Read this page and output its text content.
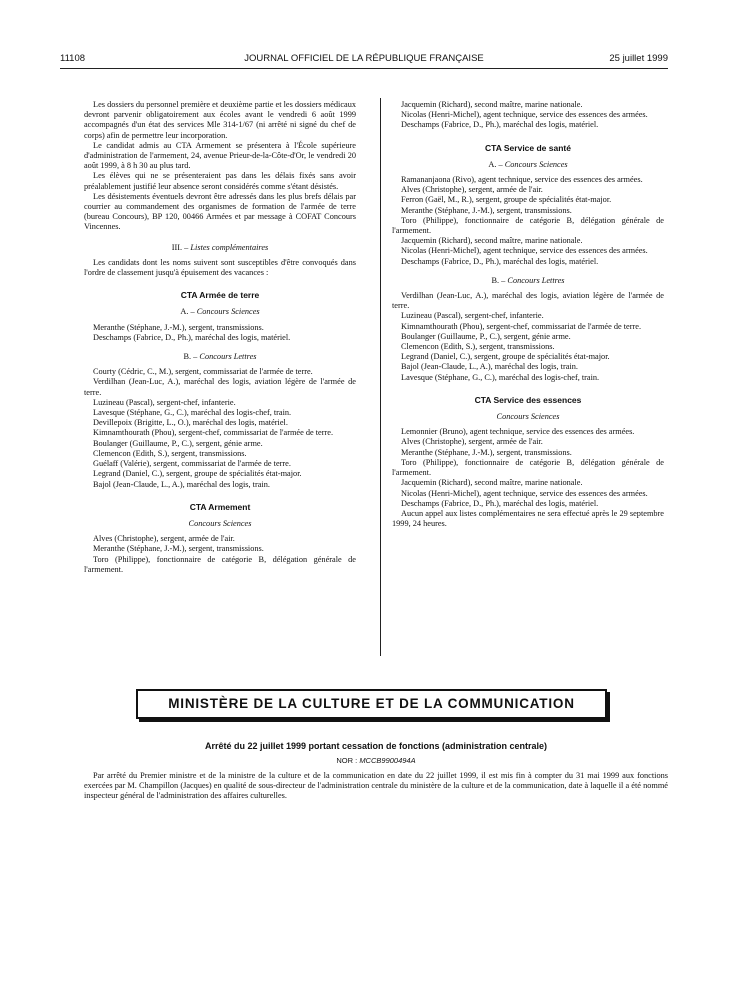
11108	JOURNAL OFFICIEL DE LA RÉPUBLIQUE FRANÇAISE	25 juillet 1999

Les dossiers du personnel première et deuxième partie et les dossiers médicaux devront parvenir obligatoirement aux écoles avant le vendredi 6 août 1999 accompagnés d'un état des services Mle 314-1/67 (ni arrêté ni signé du chef de corps) afin de permettre leur incorporation.

Le candidat admis au CTA Armement se présentera à l'École supérieure d'administration de l'armement, 24, avenue Prieur-de-la-Côte-d'Or, le vendredi 20 août 1999, à 8 h 30 au plus tard.

Les élèves qui ne se présenteraient pas dans les délais fixés sans avoir préalablement justifié leur absence seront considérés comme s'étant désistés.

Les désistements éventuels devront être adressés dans les plus brefs délais par courrier au commandement des organismes de formation de l'armée de terre (bureau Concours), BP 120, 00466 Armées et par message à COFAT Concours Vincennes.

III. – Listes complémentaires

Les candidats dont les noms suivent sont susceptibles d'être convoqués dans l'ordre de classement jusqu'à épuisement des vacances :

CTA Armée de terre
A. – Concours Sciences

Meranthe (Stéphane, J.-M.), sergent, transmissions.

Deschamps (Fabrice, D., Ph.), maréchal des logis, matériel.

B. – Concours Lettres

Courty (Cédric, C., M.), sergent, commissariat de l'armée de terre.

Verdilhan (Jean-Luc, A.), maréchal des logis, aviation légère de l'armée de terre.

Luzineau (Pascal), sergent-chef, infanterie.

Lavesque (Stéphane, G., C.), maréchal des logis-chef, train.

Devillepoix (Brigitte, L., O.), maréchal des logis, matériel.

Kimnamthourath (Phou), sergent-chef, commissariat de l'armée de terre.

Boulanger (Guillaume, P., C.), sergent, génie arme.

Clemencon (Edith, S.), sergent, transmissions.

Guélaff (Valérie), sergent, commissariat de l'armée de terre.

Legrand (Daniel, C.), sergent, groupe de spécialités état-major.

Bajol (Jean-Claude, L., A.), maréchal des logis, train.

CTA Armement
Concours Sciences

Alves (Christophe), sergent, armée de l'air.

Meranthe (Stéphane, J.-M.), sergent, transmissions.

Toro (Philippe), fonctionnaire de catégorie B, délégation générale de l'armement.

Jacquemin (Richard), second maître, marine nationale.

Nicolas (Henri-Michel), agent technique, service des essences des armées.

Deschamps (Fabrice, D., Ph.), maréchal des logis, matériel.

CTA Service de santé
A. – Concours Sciences

Ramananjaona (Rivo), agent technique, service des essences des armées.

Alves (Christophe), sergent, armée de l'air.

Ferron (Gaël, M., R.), sergent, groupe de spécialités état-major.

Meranthe (Stéphane, J.-M.), sergent, transmissions.

Toro (Philippe), fonctionnaire de catégorie B, délégation générale de l'armement.

Jacquemin (Richard), second maître, marine nationale.

Nicolas (Henri-Michel), agent technique, service des essences des armées.

Deschamps (Fabrice, D., Ph.), maréchal des logis, matériel.

B. – Concours Lettres

Verdilhan (Jean-Luc, A.), maréchal des logis, aviation légère de l'armée de terre.

Luzineau (Pascal), sergent-chef, infanterie.

Kimnamthourath (Phou), sergent-chef, commissariat de l'armée de terre.

Boulanger (Guillaume, P., C.), sergent, génie arme.

Clemencon (Edith, S.), sergent, transmissions.

Legrand (Daniel, C.), sergent, groupe de spécialités état-major.

Bajol (Jean-Claude, L., A.), maréchal des logis, train.

Lavesque (Stéphane, G., C.), maréchal des logis-chef, train.

CTA Service des essences
Concours Sciences

Lemonnier (Bruno), agent technique, service des essences des armées.

Alves (Christophe), sergent, armée de l'air.

Meranthe (Stéphane, J.-M.), sergent, transmissions.

Toro (Philippe), fonctionnaire de catégorie B, délégation générale de l'armement.

Jacquemin (Richard), second maître, marine nationale.

Nicolas (Henri-Michel), agent technique, service des essences des armées.

Deschamps (Fabrice, D., Ph.), maréchal des logis, matériel.

Aucun appel aux listes complémentaires ne sera effectué après le 29 septembre 1999, 24 heures.

MINISTÈRE DE LA CULTURE ET DE LA COMMUNICATION
Arrêté du 22 juillet 1999 portant cessation de fonctions (administration centrale)
NOR : MCCB9900494A

Par arrêté du Premier ministre et de la ministre de la culture et de la communication en date du 22 juillet 1999, il est mis fin à compter du 31 mai 1999 aux fonctions exercées par M. Champillon (Jacques) en qualité de sous-directeur de l'administration centrale du ministère de la culture et de la communication, date à laquelle il a été nommé inspecteur général de l'administration des affaires culturelles.
